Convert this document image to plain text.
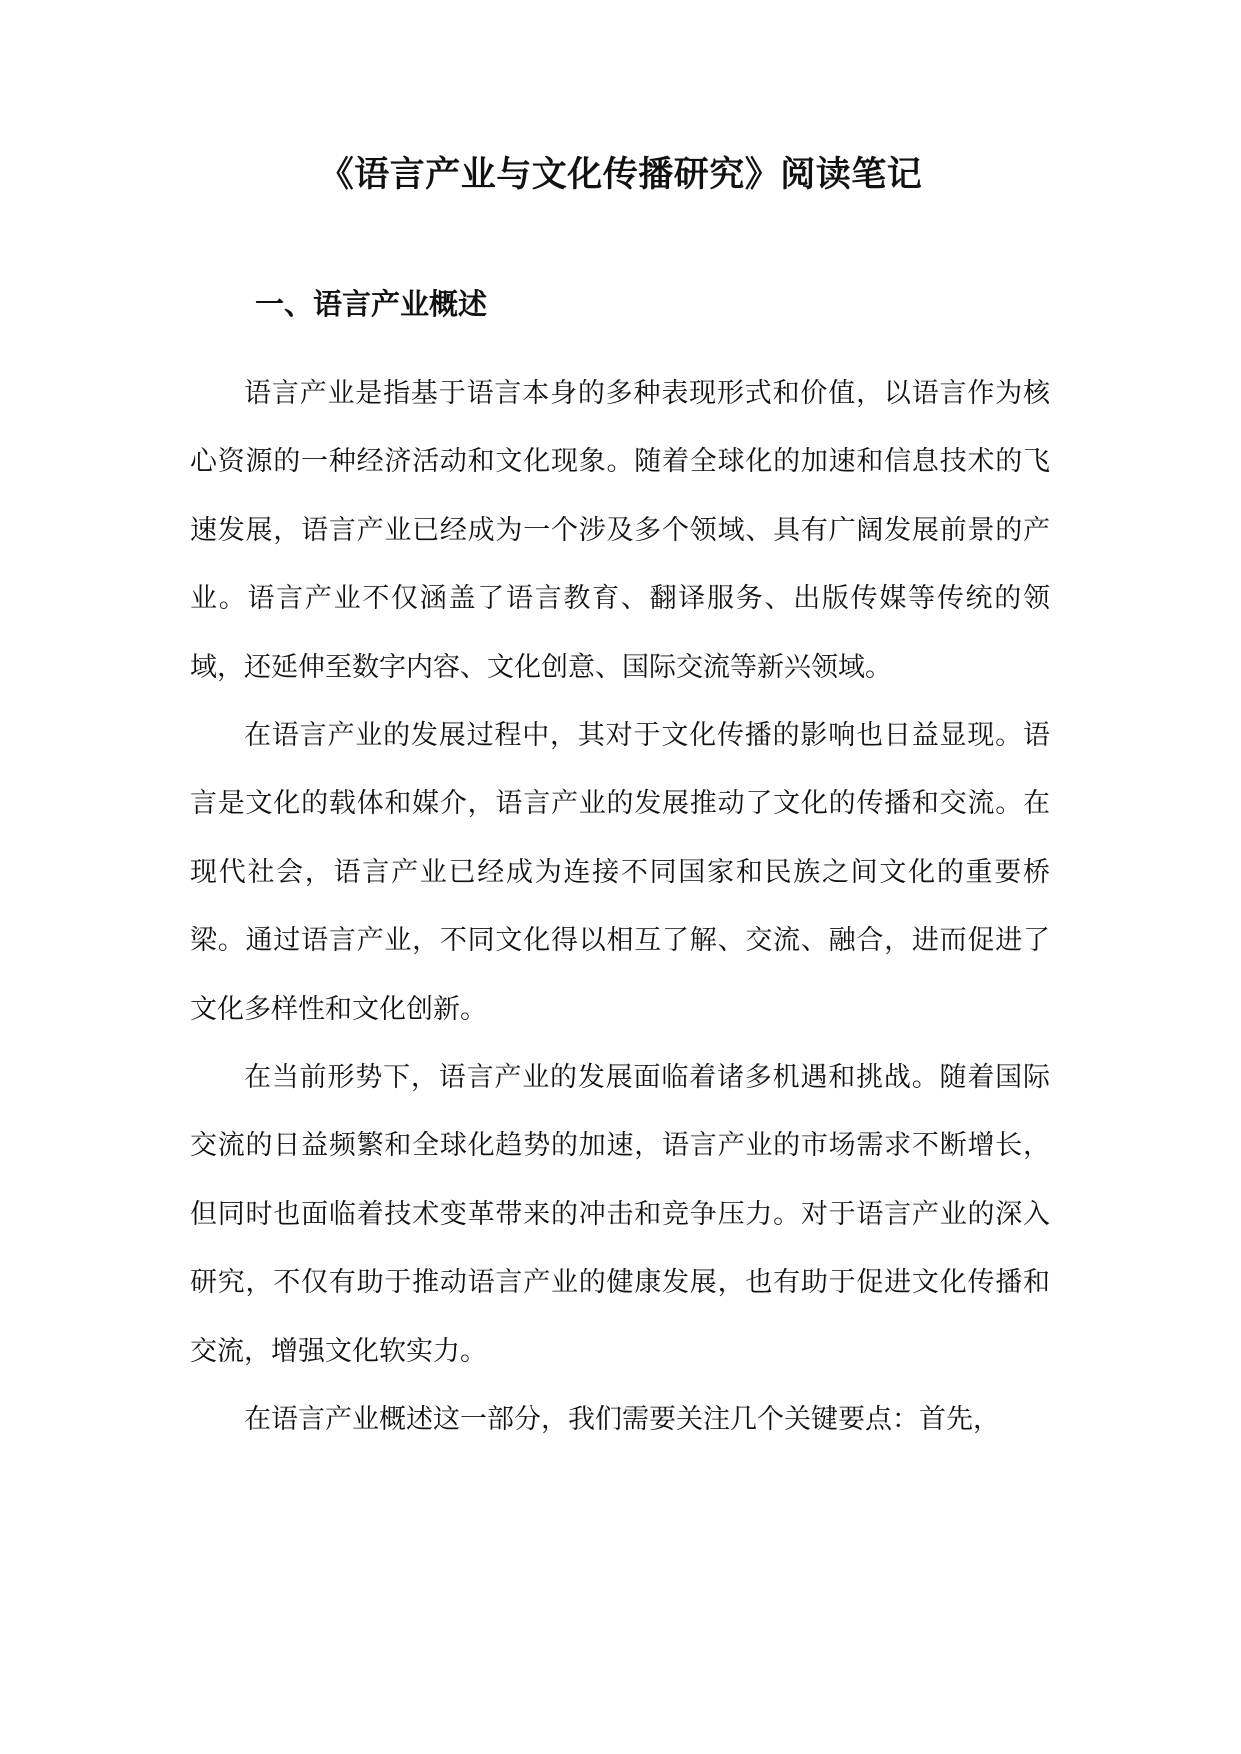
《语言产业与文化传播研究》阅读笔记
一、语言产业概述

语言产业是指基于语言本身的多种表现形式和价值，以语言作为核心资源的一种经济活动和文化现象。随着全球化的加速和信息技术的飞速发展，语言产业已经成为一个涉及多个领域、具有广阔发展前景的产业。语言产业不仅涵盖了语言教育、翻译服务、出版传媒等传统的领域，还延伸至数字内容、文化创意、国际交流等新兴领域。

在语言产业的发展过程中，其对于文化传播的影响也日益显现。语言是文化的载体和媒介，语言产业的发展推动了文化的传播和交流。在现代社会，语言产业已经成为连接不同国家和民族之间文化的重要桥梁。通过语言产业，不同文化得以相互了解、交流、融合，进而促进了文化多样性和文化创新。

在当前形势下，语言产业的发展面临着诸多机遇和挑战。随着国际交流的日益频繁和全球化趋势的加速，语言产业的市场需求不断增长，但同时也面临着技术变革带来的冲击和竞争压力。对于语言产业的深入研究，不仅有助于推动语言产业的健康发展，也有助于促进文化传播和交流，增强文化软实力。

在语言产业概述这一部分，我们需要关注几个关键要点：首先，
